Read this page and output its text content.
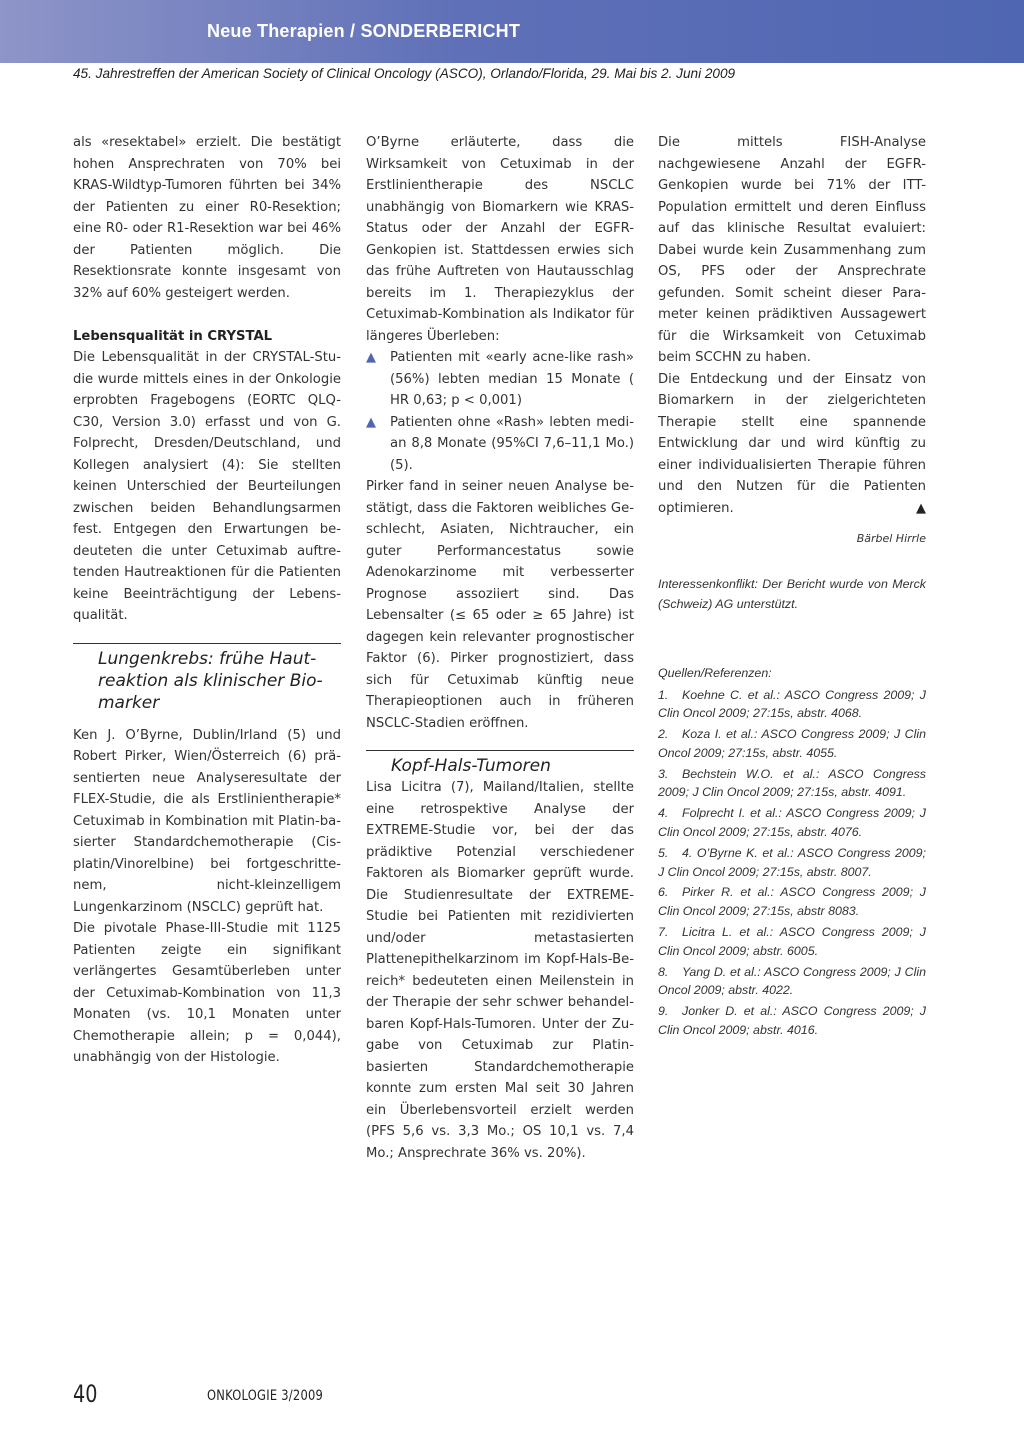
Neue Therapien / SONDERBERICHT
45. Jahrestreffen der American Society of Clinical Oncology (ASCO), Orlando/Florida, 29. Mai bis 2. Juni 2009

als «resektabel» erzielt. Die bestätigt hohen Ansprechraten von 70% bei KRAS-Wildtyp-Tumoren führten bei 34% der Patienten zu einer R0-Resektion; eine R0- oder R1-Resektion war bei 46% der Patienten möglich. Die Resektionsrate konnte insgesamt von 32% auf 60% gesteigert werden.

Lebensqualität in CRYSTAL

Die Lebensqualität in der CRYSTAL-Studie wurde mittels eines in der Onkologie erprobten Fragebogens (EORTC QLQ-C30, Version 3.0) erfasst und von G. Folprecht, Dresden/Deutschland, und Kollegen analysiert (4): Sie stellten keinen Unterschied der Beurteilungen zwischen beiden Behandlungsarmen fest. Entgegen den Erwartungen bedeuteten die unter Cetuximab auftretenden Hautreaktionen für die Patienten keine Beeinträchtigung der Lebensqualität.

Lungenkrebs: frühe Haut-
reaktion als klinischer Bio-
marker

Ken J. O’Byrne, Dublin/Irland (5) und Robert Pirker, Wien/Österreich (6) präsentierten neue Analyseresultate der FLEX-Studie, die als Erstlinientherapie* Cetuximab in Kombination mit Platin-basierter Standardchemotherapie (Cisplatin/Vinorelbine) bei fortgeschrittenem, nicht-kleinzelligem Lungenkarzinom (NSCLC) geprüft hat.

Die pivotale Phase-III-Studie mit 1125 Patienten zeigte ein signifikant verlängertes Gesamtüberleben unter der Cetuximab-Kombination von 11,3 Monaten (vs. 10,1 Monaten unter Chemotherapie allein; p = 0,044), unabhängig von der Histologie.

O’Byrne erläuterte, dass die Wirksamkeit von Cetuximab in der Erstlinientherapie des NSCLC unabhängig von Biomarkern wie KRAS-Status oder der Anzahl der EGFR-Genkopien ist. Stattdessen erwies sich das frühe Auftreten von Hautausschlag bereits im 1. Therapiezyklus der Cetuximab-Kombination als Indikator für längeres Überleben:

▲ Patienten mit «early acne-like rash» (56%) lebten median 15 Monate ( HR 0,63; p < 0,001)
▲ Patienten ohne «Rash» lebten median 8,8 Monate (95%CI 7,6–11,1 Mo.) (5).

Pirker fand in seiner neuen Analyse bestätigt, dass die Faktoren weibliches Geschlecht, Asiaten, Nichtraucher, ein guter Performancestatus sowie Adenokarzinome mit verbesserter Prognose assoziiert sind. Das Lebensalter (≤ 65 oder ≥ 65 Jahre) ist dagegen kein relevanter prognostischer Faktor (6). Pirker prognostiziert, dass sich für Cetuximab künftig neue Therapieoptionen auch in früheren NSCLC-Stadien eröffnen.

Kopf-Hals-Tumoren

Lisa Licitra (7), Mailand/Italien, stellte eine retrospektive Analyse der EXTREME-Studie vor, bei der das prädiktive Potenzial verschiedener Faktoren als Biomarker geprüft wurde. Die Studienresultate der EXTREME-Studie bei Patienten mit rezidivierten und/oder metastasierten Plattenepithelkarzinom im Kopf-Hals-Bereich* bedeuteten einen Meilenstein in der Therapie der sehr schwer behandelbaren Kopf-Hals-Tumoren. Unter der Zugabe von Cetuximab zur Platin-basierten Standardchemotherapie konnte zum ersten Mal seit 30 Jahren ein Überlebensvorteil erzielt werden (PFS 5,6 vs. 3,3 Mo.; OS 10,1 vs. 7,4 Mo.; Ansprechrate 36% vs. 20%).

Die mittels FISH-Analyse nachgewiesene Anzahl der EGFR-Genkopien wurde bei 71% der ITT-Population ermittelt und deren Einfluss auf das klinische Resultat evaluiert: Dabei wurde kein Zusammenhang zum OS, PFS oder der Ansprechrate gefunden. Somit scheint dieser Parameter keinen prädiktiven Aussagewert für die Wirksamkeit von Cetuximab beim SCCHN zu haben.

Die Entdeckung und der Einsatz von Biomarkern in der zielgerichteten Therapie stellt eine spannende Entwicklung dar und wird künftig zu einer individualisierten Therapie führen und den Nutzen für die Patienten optimieren.	▲

Bärbel Hirrle

Interessenkonflikt: Der Bericht wurde von Merck (Schweiz) AG unterstützt.

Quellen/Referenzen:

1. Koehne C. et al.: ASCO Congress 2009; J Clin Oncol 2009; 27:15s, abstr. 4068.

2. Koza I. et al.: ASCO Congress 2009; J Clin Oncol 2009; 27:15s, abstr. 4055.

3. Bechstein W.O. et al.: ASCO Congress 2009; J Clin Oncol 2009; 27:15s, abstr. 4091.

4. Folprecht I. et al.: ASCO Congress 2009; J Clin Oncol 2009; 27:15s, abstr. 4076.

5. 4. O’Byrne K. et al.: ASCO Congress 2009; J Clin Oncol 2009; 27:15s, abstr. 8007.

6. Pirker R. et al.: ASCO Congress 2009; J Clin Oncol 2009; 27:15s, abstr 8083.

7. Licitra L. et al.: ASCO Congress 2009; J Clin Oncol 2009; abstr. 6005.

8. Yang D. et al.: ASCO Congress 2009; J Clin Oncol 2009; abstr. 4022.

9. Jonker D. et al.: ASCO Congress 2009; J Clin Oncol 2009; abstr. 4016.

40	ONKOLOGIE 3/2009
